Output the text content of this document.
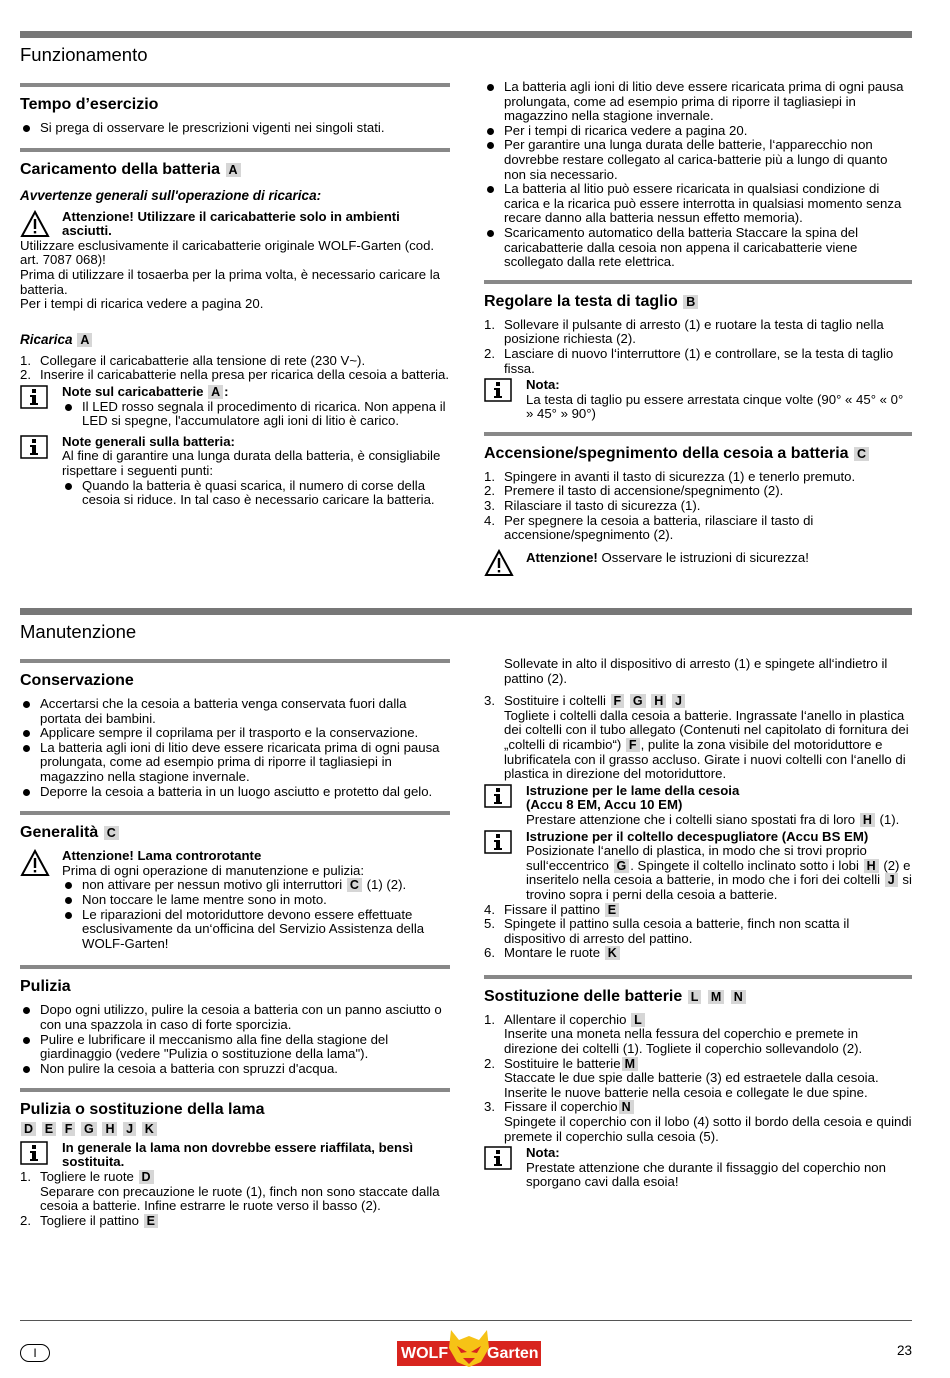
Funzionamento
Tempo d’esercizio

Si prega di osservare le prescrizioni vigenti nei singoli stati.

Caricamento della batteria A
Avvertenze generali sull'operazione di ricarica:

Attenzione! Utilizzare il caricabatterie solo in ambienti asciutti.

Utilizzare esclusivamente il caricabatterie originale WOLF-Garten (cod. art. 7087 068)!

Prima di utilizzare il tosaerba per la prima volta, è necessario caricare la batteria.

Per i tempi di ricarica vedere a pagina 20.

Ricarica A

1. Collegare il caricabatterie alla tensione di rete (230 V~).

2. Inserire il caricabatterie nella presa per ricarica della cesoia a batteria.

Note sul caricabatterie A :

Il LED rosso segnala il procedimento di ricarica. Non appena il LED si spegne, l'accumulatore agli ioni di litio è carico.

Note generali sulla batteria:

Al fine di garantire una lunga durata della batteria, è consigliabile rispettare i seguenti punti:

Quando la batteria è quasi scarica, il numero di corse della cesoia si riduce. In tal caso è necessario caricare la batteria.

La batteria agli ioni di litio deve essere ricaricata prima di ogni pausa prolungata, come ad esempio prima di riporre il tagliasiepi in magazzino nella stagione invernale.

Per i tempi di ricarica vedere a pagina 20.

Per garantire una lunga durata delle batterie, l‘apparecchio non dovrebbe restare collegato al carica-batterie più a lungo di quanto non sia necessario.

La batteria al litio può essere ricaricata in qualsiasi condizione di carica e la ricarica può essere interrotta in qualsiasi momento senza recare danno alla batteria nessun effetto memoria).

Scaricamento automatico della batteria Staccare la spina del caricabatterie dalla cesoia non appena il caricabatterie viene scollegato dalla rete elettrica.

Regolare la testa di taglio B

1. Sollevare il pulsante di arresto (1) e ruotare la testa di taglio nella posizione richiesta (2).

2. Lasciare di nuovo l‘interruttore (1) e controllare, se la testa di taglio fissa.

Nota:

La testa di taglio pu essere arrestata cinque volte (90° « 45° « 0° » 45° » 90°)

Accensione/spegnimento della cesoia a batteria C

1. Spingere in avanti il tasto di sicurezza (1) e tenerlo premuto.

2. Premere il tasto di accensione/spegnimento (2).

3. Rilasciare il tasto di sicurezza (1).

4. Per spegnere la cesoia a batteria, rilasciare il tasto di accensione/spegnimento (2).

Attenzione! Osservare le istruzioni di sicurezza!

Manutenzione
Conservazione

Accertarsi che la cesoia a batteria venga conservata fuori dalla portata dei bambini.

Applicare sempre il coprilama per il trasporto e la conservazione.

La batteria agli ioni di litio deve essere ricaricata prima di ogni pausa prolungata, come ad esempio prima di riporre il tagliasiepi in magazzino nella stagione invernale.

Deporre la cesoia a batteria in un luogo asciutto e protetto dal gelo.

Generalità C

Attenzione! Lama controrotante

Prima di ogni operazione di manutenzione e pulizia:

non attivare per nessun motivo gli interruttori C (1) (2).

Non toccare le lame mentre sono in moto.

Le riparazioni del motoriduttore devono essere effettuate esclusivamente da un‘officina del Servizio Assistenza della WOLF-Garten!

Pulizia

Dopo ogni utilizzo, pulire la cesoia a batteria con un panno asciutto o con una spazzola in caso di forte sporcizia.

Pulire e lubrificare il meccanismo alla fine della stagione del giardinaggio (vedere "Pulizia o sostituzione della lama").

Non pulire la cesoia a batteria con spruzzi d'acqua.

Pulizia o sostituzione della lama
D E F G H J K

In generale la lama non dovrebbe essere riaffilata, bensì sostituita.

1. Togliere le ruote D

Separare con precauzione le ruote (1), finch non sono staccate dalla cesoia a batterie. Infine estrarre le ruote verso il basso (2).

2. Togliere il pattino E

Sollevate in alto il dispositivo di arresto (1) e spingete all‘indietro il pattino (2).

3. Sostituire i coltelli F G H J

Togliete i coltelli dalla cesoia a batterie. Ingrassate l‘anello in plastica dei coltelli con il tubo allegato (Contenuti nel capitolato di fornitura dei „coltelli di ricambio“) F , pulite la zona visibile del motoriduttore e lubrificatela con il grasso accluso. Girate i nuovi coltelli con l‘anello di plastica in direzione del motoriduttore.

Istruzione per le lame della cesoia

(Accu 8 EM, Accu 10 EM)

Prestare attenzione che i coltelli siano spostati fra di loro H (1).

Istruzione per il coltello decespugliatore (Accu BS EM)

Posizionate l‘anello di plastica, in modo che si trovi proprio sull‘eccentrico G . Spingete il coltello inclinato sotto i lobi H (2) e inseritelo nella cesoia a batterie, in modo che i fori dei coltelli J si trovino sopra i perni della cesoia a batterie.

4. Fissare il pattino E

5. Spingete il pattino sulla cesoia a batterie, finch non scatta il dispositivo di arresto del pattino.

6. Montare le ruote K

Sostituzione delle batterie L M N

1. Allentare il coperchio L

Inserite una moneta nella fessura del coperchio e premete in direzione dei coltelli (1). Togliete il coperchio sollevandolo (2).

2. Sostituire le batterie M

Staccate le due spie dalle batterie (3) ed estraetele dalla cesoia. Inserite le nuove batterie nella cesoia e collegate le due spine.

3. Fissare il coperchio N

Spingete il coperchio con il lobo (4) sotto il bordo della cesoia e quindi premete il coperchio sulla cesoia (5).

Nota:

Prestate attenzione che durante il fissaggio del coperchio non sporgano cavi dalla esoia!

I	WOLF Garten	23
